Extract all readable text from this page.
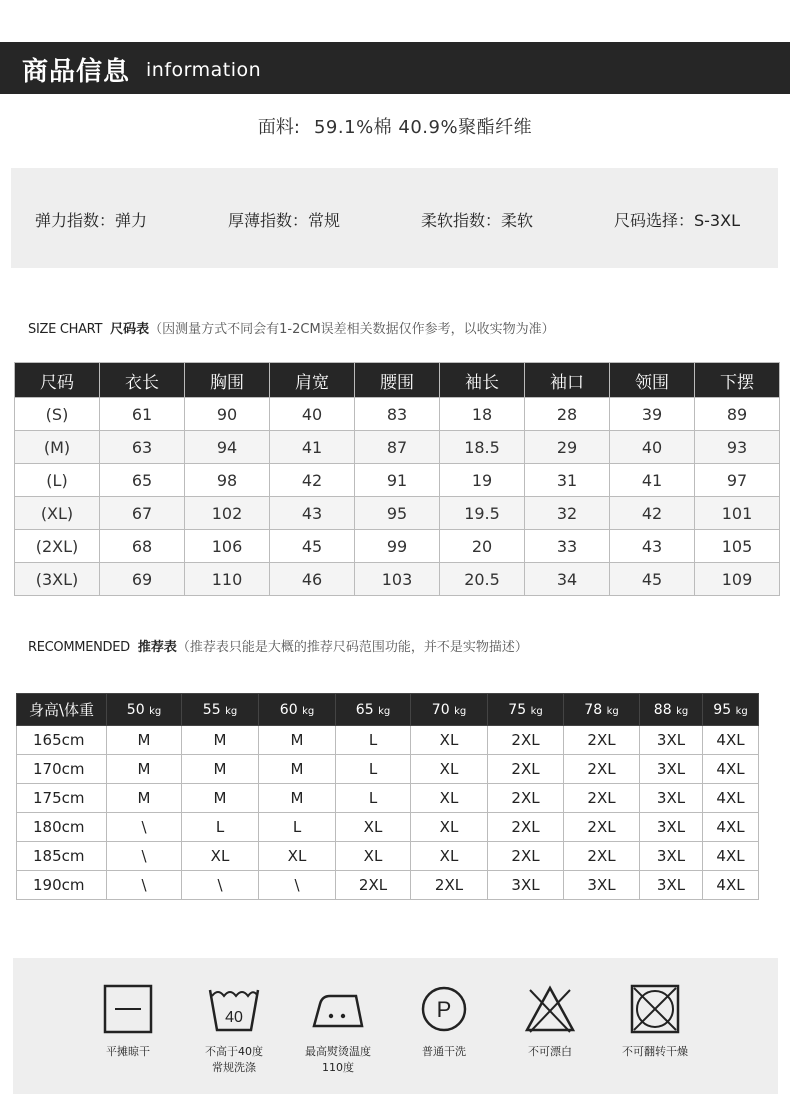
商品信息 information
面料: 59.1%棉 40.9%聚酯纤维
弹力指数：弹力	厚薄指数：常规	柔软指数：柔软	尺码选择：S-3XL
SIZE CHART 尺码表（因测量方式不同会有1-2CM误差相关数据仅作参考，以收实物为准）
尺码	衣长	胸围	肩宽	腰围	袖长	袖口	领围	下摆
(S)	61	90	40	83	18	28	39	89
(M)	63	94	41	87	18.5	29	40	93
(L)	65	98	42	91	19	31	41	97
(XL)	67	102	43	95	19.5	32	42	101
(2XL)	68	106	45	99	20	33	43	105
(3XL)	69	110	46	103	20.5	34	45	109
RECOMMENDED 推荐表（推荐表只能是大概的推荐尺码范围功能，并不是实物描述）
身高\体重	50 kg	55 kg	60 kg	65 kg	70 kg	75 kg	78 kg	88 kg	95 kg
165cm	M	M	M	L	XL	2XL	2XL	3XL	4XL
170cm	M	M	M	L	XL	2XL	2XL	3XL	4XL
175cm	M	M	M	L	XL	2XL	2XL	3XL	4XL
180cm	\	L	L	XL	XL	2XL	2XL	3XL	4XL
185cm	\	XL	XL	XL	XL	2XL	2XL	3XL	4XL
190cm	\	\	\	2XL	2XL	3XL	3XL	3XL	4XL
平摊晾干
40
不高于40度
常规洗涤
最高熨烫温度
110度
P
普通干洗	不可漂白	不可翻转干燥
